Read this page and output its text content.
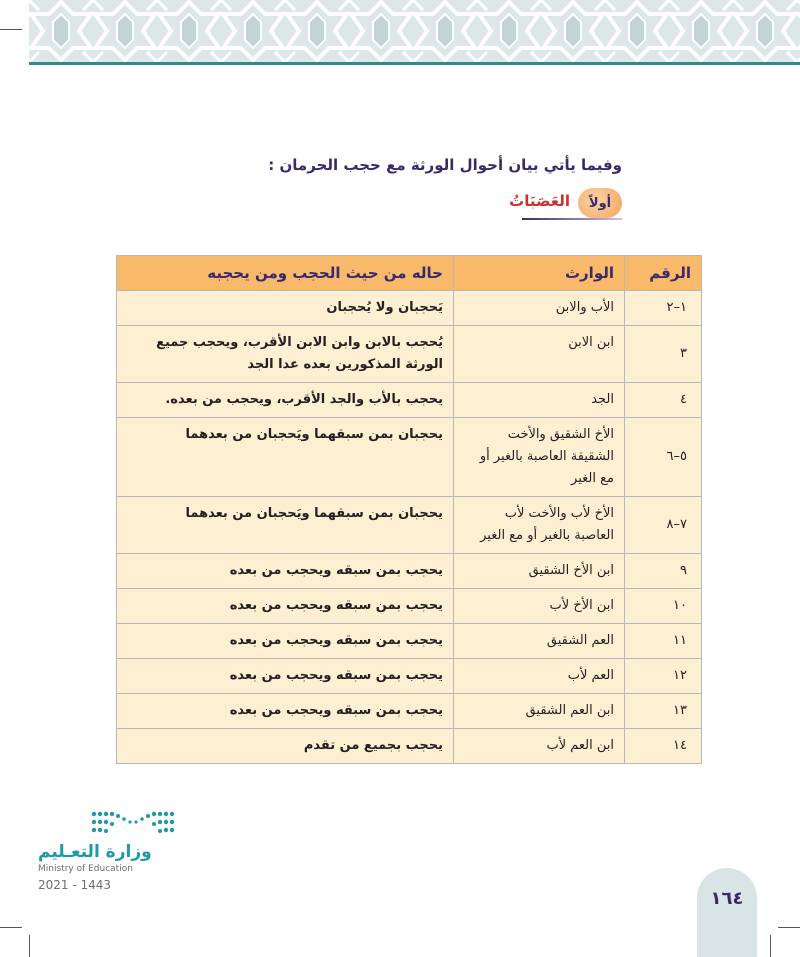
وفيما يأتي بيان أحوال الورثة مع حجب الحرمان :
أولاً
العَصَبَاتُ
الرقم	الوارث	حاله من حيث الحجب ومن يحجبه
١–٢	الأب والابن	يَحجبان ولا يُحجبان
٣	ابن الابن	يُحجب بالابن وابن الابن الأقرب، ويحجب جميع الورثة المذكورين بعده عدا الجد
٤	الجد	يحجب بالأب والجد الأقرب، ويحجب من بعده.
٥–٦	الأخ الشقيق والأخت الشقيقة العاصبة بالغير أو مع الغير	يحجبان بمن سبقهما ويَحجبان من بعدهما
٧–٨	الأخ لأب والأخت لأب العاصبة بالغير أو مع الغير	يحجبان بمن سبقهما ويَحجبان من بعدهما
٩	ابن الأخ الشقيق	يحجب بمن سبقه ويحجب من بعده
١٠	ابن الأخ لأب	يحجب بمن سبقه ويحجب من بعده
١١	العم الشقيق	يحجب بمن سبقه ويحجب من بعده
١٢	العم لأب	يحجب بمن سبقه ويحجب من بعده
١٣	ابن العم الشقيق	يحجب بمن سبقه ويحجب من بعده
١٤	ابن العم لأب	يحجب بجميع من تقدم
وزارة التعـليم
Ministry of Education
2021 - 1443
١٦٤
